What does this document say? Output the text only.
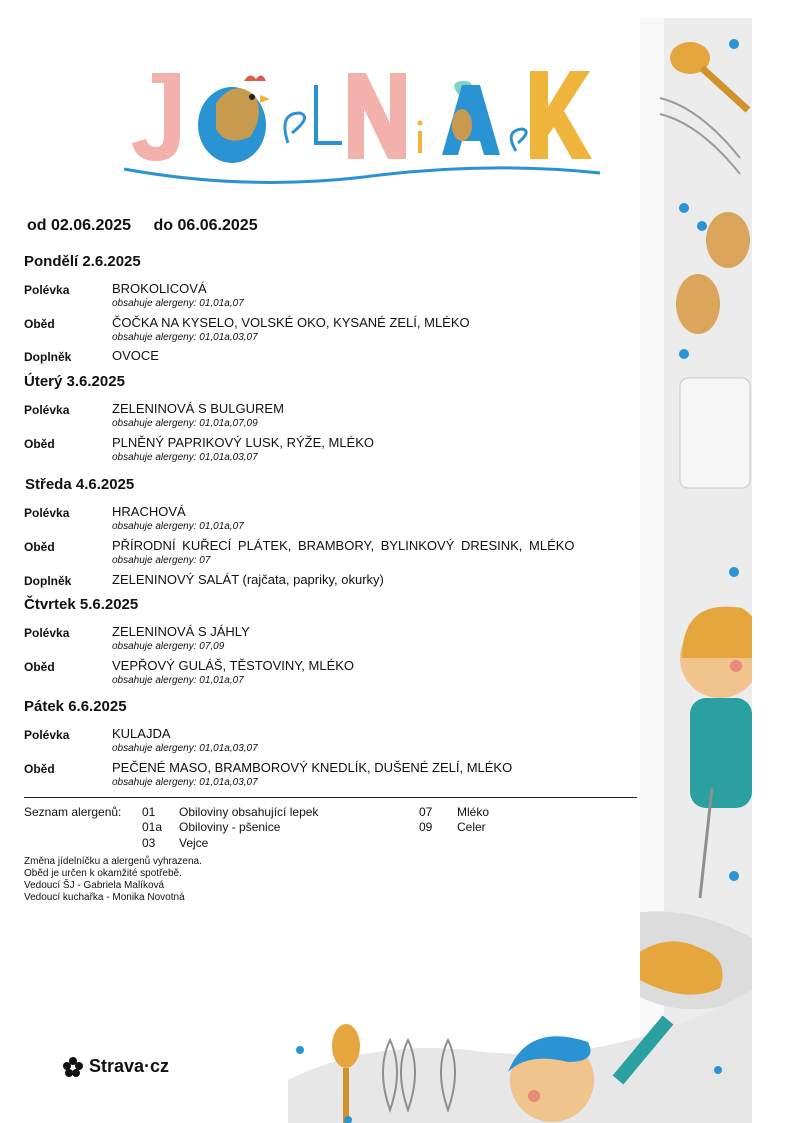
od 02.06.2025 do 06.06.2025
Pondělí 2.6.2025
Polévka	BROKOLICOVÁ
obsahuje alergeny: 01,01a,07
Oběd	ČOČKA NA KYSELO, VOLSKÉ OKO, KYSANÉ ZELÍ, MLÉKO
obsahuje alergeny: 01,01a,03,07
Doplněk	OVOCE
Úterý 3.6.2025
Polévka	ZELENINOVÁ S BULGUREM
obsahuje alergeny: 01,01a,07,09
Oběd	PLNĚNÝ PAPRIKOVÝ LUSK, RÝŽE, MLÉKO
obsahuje alergeny: 01,01a,03,07
Středa 4.6.2025
Polévka	HRACHOVÁ
obsahuje alergeny: 01,01a,07
Oběd	PŘÍRODNÍ KUŘECÍ PLÁTEK, BRAMBORY, BYLINKOVÝ DRESINK, MLÉKO
obsahuje alergeny: 07
Doplněk	ZELENINOVÝ SALÁT (rajčata, papriky, okurky)
Čtvrtek 5.6.2025
Polévka	ZELENINOVÁ S JÁHLY
obsahuje alergeny: 07,09
Oběd	VEPŘOVÝ GULÁŠ, TĚSTOVINY, MLÉKO
obsahuje alergeny: 01,01a,07
Pátek 6.6.2025
Polévka	KULAJDA
obsahuje alergeny: 01,01a,03,07
Oběd	PEČENÉ MASO, BRAMBOROVÝ KNEDLÍK, DUŠENÉ ZELÍ, MLÉKO
obsahuje alergeny: 01,01a,03,07
Seznam alergenů: 01 Obiloviny obsahující lepek
01a Obiloviny - pšenice
03 Vejce
07 Mléko
09 Celer
Změna jídelníčku a alergenů vyhrazena.
Oběd je určen k okamžité spotřebě.
Vedoucí ŠJ - Gabriela Malíková
Vedoucí kuchařka - Monika Novotná
Strava·cz
